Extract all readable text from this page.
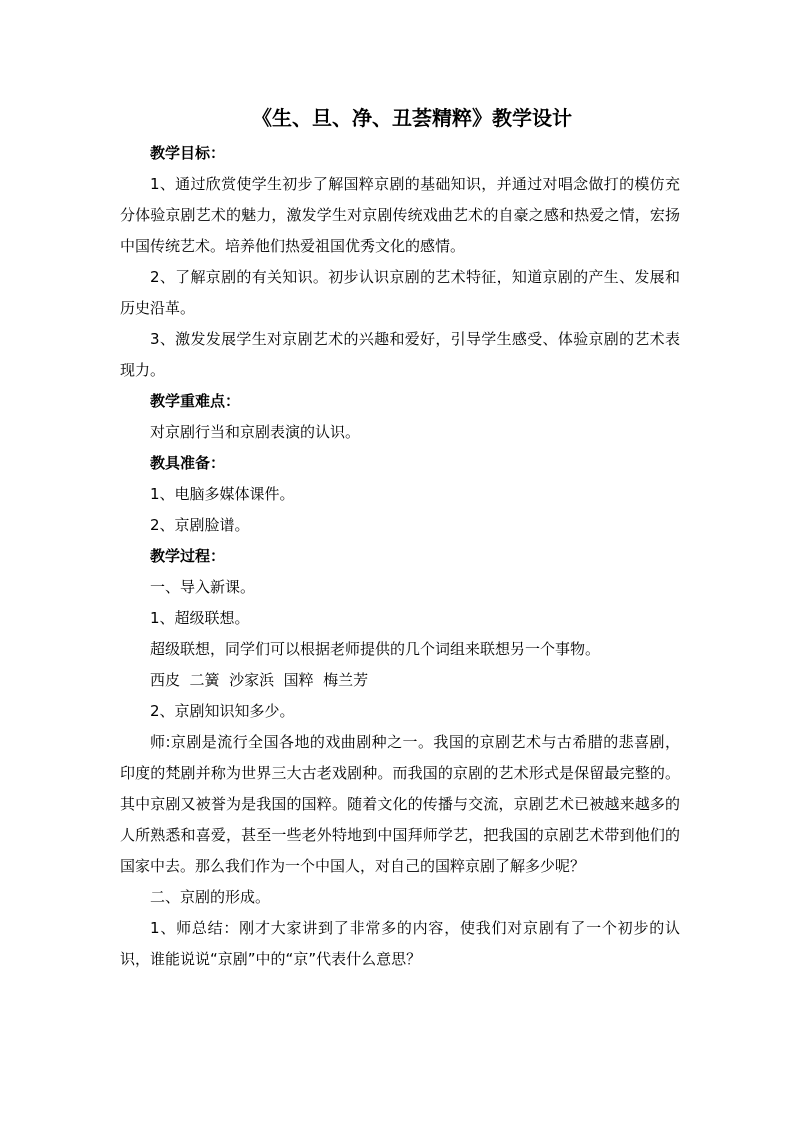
《生、旦、净、丑荟精粹》教学设计

教学目标：

1、通过欣赏使学生初步了解国粹京剧的基础知识，并通过对唱念做打的模仿充分体验京剧艺术的魅力，激发学生对京剧传统戏曲艺术的自豪之感和热爱之情，宏扬中国传统艺术。培养他们热爱祖国优秀文化的感情。

2、了解京剧的有关知识。初步认识京剧的艺术特征，知道京剧的产生、发展和历史沿革。

3、激发发展学生对京剧艺术的兴趣和爱好，引导学生感受、体验京剧的艺术表现力。

教学重难点：

对京剧行当和京剧表演的认识。

教具准备：

1、电脑多媒体课件。

2、京剧脸谱。

教学过程：

一、导入新课。

1、超级联想。

超级联想，同学们可以根据老师提供的几个词组来联想另一个事物。

西皮  二簧  沙家浜  国粹  梅兰芳

2、京剧知识知多少。

师:京剧是流行全国各地的戏曲剧种之一。我国的京剧艺术与古希腊的悲喜剧，印度的梵剧并称为世界三大古老戏剧种。而我国的京剧的艺术形式是保留最完整的。其中京剧又被誉为是我国的国粹。随着文化的传播与交流，京剧艺术已被越来越多的人所熟悉和喜爱，甚至一些老外特地到中国拜师学艺，把我国的京剧艺术带到他们的国家中去。那么我们作为一个中国人，对自己的国粹京剧了解多少呢？

二、京剧的形成。

1、师总结：刚才大家讲到了非常多的内容，使我们对京剧有了一个初步的认识，谁能说说“京剧”中的“京”代表什么意思？
